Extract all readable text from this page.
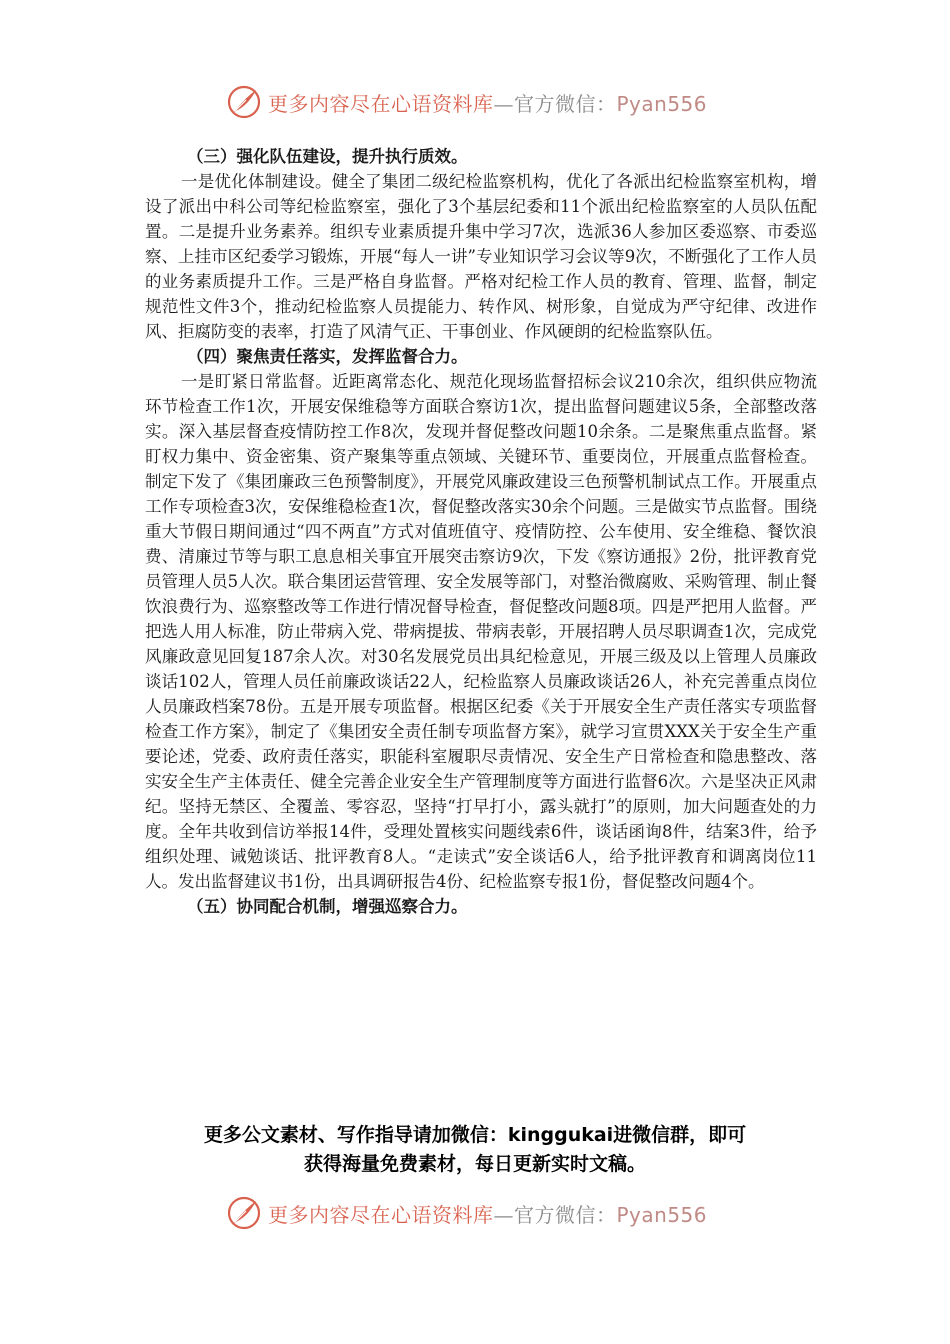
更多内容尽在心语资料库—官方微信：Pyan556

（三）强化队伍建设，提升执行质效。

一是优化体制建设。健全了集团二级纪检监察机构，优化了各派出纪检监察室机构，增设了派出中科公司等纪检监察室，强化了3个基层纪委和11个派出纪检监察室的人员队伍配置。二是提升业务素养。组织专业素质提升集中学习7次，选派36人参加区委巡察、市委巡察、上挂市区纪委学习锻炼，开展“每人一讲”专业知识学习会议等9次，不断强化了工作人员的业务素质提升工作。三是严格自身监督。严格对纪检工作人员的教育、管理、监督，制定规范性文件3个，推动纪检监察人员提能力、转作风、树形象，自觉成为严守纪律、改进作风、拒腐防变的表率，打造了风清气正、干事创业、作风硬朗的纪检监察队伍。

（四）聚焦责任落实，发挥监督合力。

一是盯紧日常监督。近距离常态化、规范化现场监督招标会议210余次，组织供应物流环节检查工作1次，开展安保维稳等方面联合察访1次，提出监督问题建议5条，全部整改落实。深入基层督查疫情防控工作8次，发现并督促整改问题10余条。二是聚焦重点监督。紧盯权力集中、资金密集、资产聚集等重点领域、关键环节、重要岗位，开展重点监督检查。制定下发了《集团廉政三色预警制度》，开展党风廉政建设三色预警机制试点工作。开展重点工作专项检查3次，安保维稳检查1次，督促整改落实30余个问题。三是做实节点监督。围绕重大节假日期间通过“四不两直”方式对值班值守、疫情防控、公车使用、安全维稳、餐饮浪费、清廉过节等与职工息息相关事宜开展突击察访9次，下发《察访通报》2份，批评教育党员管理人员5人次。联合集团运营管理、安全发展等部门，对整治微腐败、采购管理、制止餐饮浪费行为、巡察整改等工作进行情况督导检查，督促整改问题8项。四是严把用人监督。严把选人用人标准，防止带病入党、带病提拔、带病表彰，开展招聘人员尽职调查1次，完成党风廉政意见回复187余人次。对30名发展党员出具纪检意见，开展三级及以上管理人员廉政谈话102人，管理人员任前廉政谈话22人，纪检监察人员廉政谈话26人，补充完善重点岗位人员廉政档案78份。五是开展专项监督。根据区纪委《关于开展安全生产责任落实专项监督检查工作方案》，制定了《集团安全责任制专项监督方案》，就学习宣贯XXX关于安全生产重要论述，党委、政府责任落实，职能科室履职尽责情况、安全生产日常检查和隐患整改、落实安全生产主体责任、健全完善企业安全生产管理制度等方面进行监督6次。六是坚决正风肃纪。坚持无禁区、全覆盖、零容忍，坚持“打早打小，露头就打”的原则，加大问题查处的力度。全年共收到信访举报14件，受理处置核实问题线索6件，谈话函询8件，结案3件，给予组织处理、诫勉谈话、批评教育8人。“走读式”安全谈话6人，给予批评教育和调离岗位11人。发出监督建议书1份，出具调研报告4份、纪检监察专报1份，督促整改问题4个。

（五）协同配合机制，增强巡察合力。

更多公文素材、写作指导请加微信：kinggukai进微信群，即可
获得海量免费素材，每日更新实时文稿。
更多内容尽在心语资料库—官方微信：Pyan556
